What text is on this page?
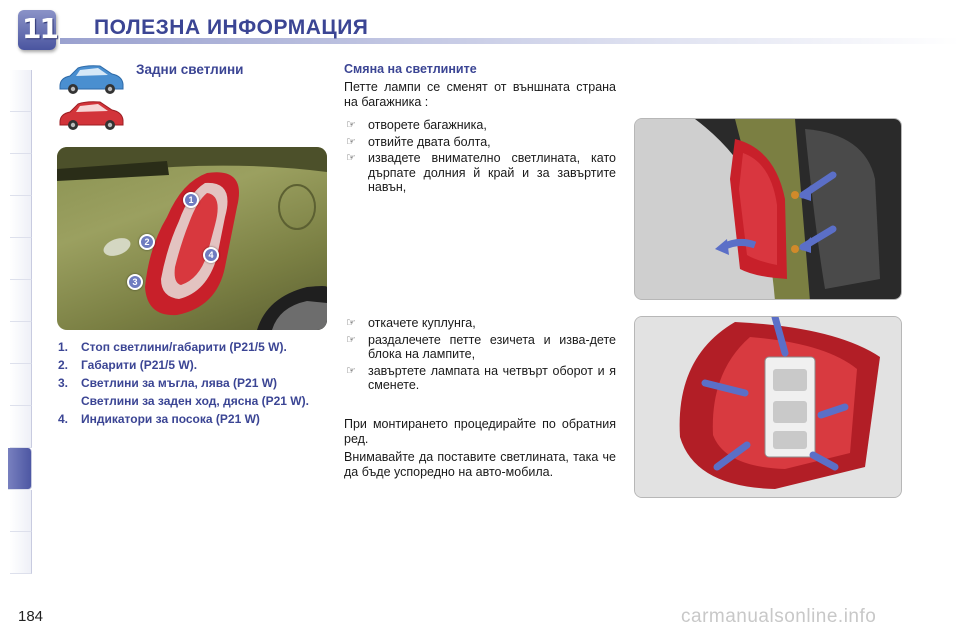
11 ПОЛЕЗНА ИНФОРМАЦИЯ
Задни светлини
1
2
3
4
1. Стоп светлини/габарити (P21/5 W).
2. Габарити (P21/5 W).
3. Светлини за мъгла, лява (P21 W)
Светлини за заден ход, дясна (P21 W).
4. Индикатори за посока (P21 W)
Смяна на светлините

Петте лампи се сменят от външната страна на багажника :

☞ отворете багажника,
☞ отвийте двата болта,
☞ извадете внимателно светлината, като дърпате долния й край и за завъртите навън,
☞ откачете куплунга,
☞ раздалечете петте езичета и изва-дете блока на лампите,
☞ завъртете лампата на четвърт оборот и я сменете.

При монтирането процедирайте по обратния ред.

Внимавайте да поставите светлината, така че да бъде успоредно на авто-мобила.

184	carmanualsonline.info
